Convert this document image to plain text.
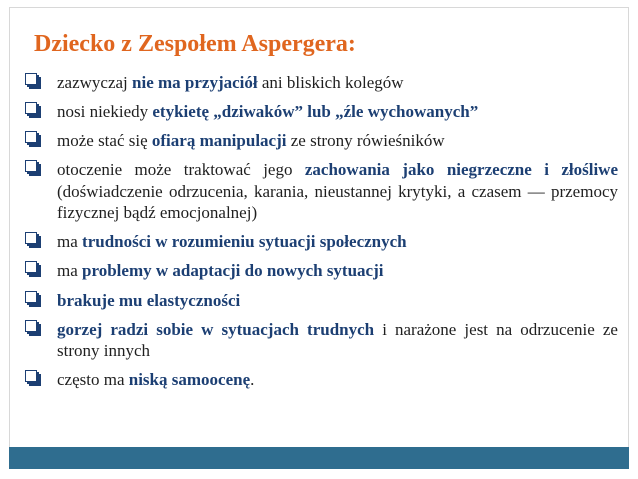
Dziecko z Zespołem Aspergera:
zazwyczaj nie ma przyjaciół ani bliskich kolegów
nosi niekiedy etykietę „dziwaków” lub „źle wychowanych”
może stać się ofiarą manipulacji ze strony rówieśników
otoczenie może traktować jego zachowania jako niegrzeczne i złośliwe (doświadczenie odrzucenia, karania, nieustannej krytyki, a czasem — przemocy fizycznej bądź emocjonalnej)
ma trudności w rozumieniu sytuacji społecznych
ma problemy w adaptacji do nowych sytuacji
brakuje mu elastyczności
gorzej radzi sobie w sytuacjach trudnych i narażone jest na odrzucenie ze strony innych
często ma niską samoocenę.
